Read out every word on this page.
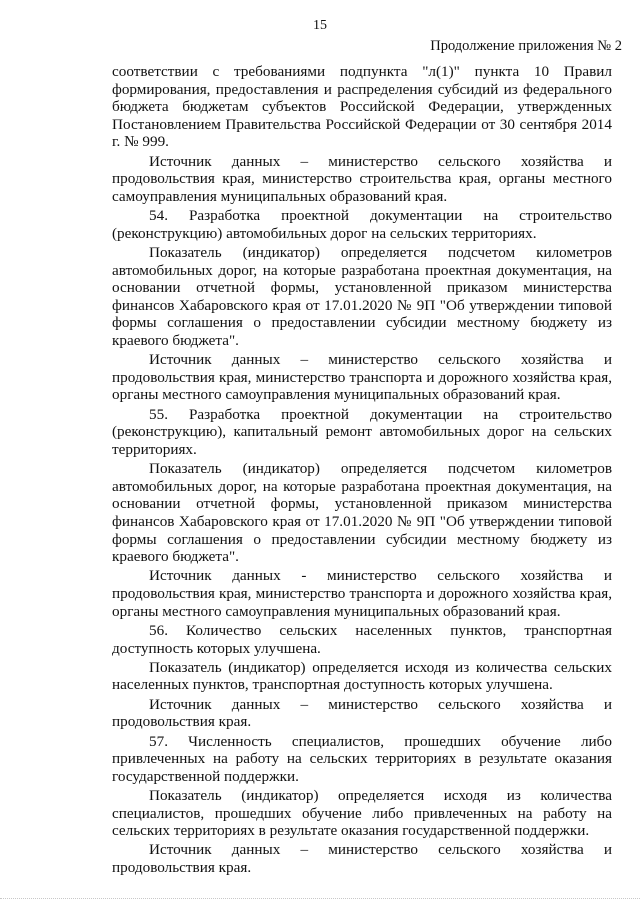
15
Продолжение приложения № 2

соответствии с требованиями подпункта "л(1)" пункта 10 Правил формирования, предоставления и распределения субсидий из федерального бюджета бюджетам субъектов Российской Федерации, утвержденных Постановлением Правительства Российской Федерации от 30 сентября 2014 г. № 999.

Источник данных – министерство сельского хозяйства и продовольствия края, министерство строительства края, органы местного самоуправления муниципальных образований края.

54. Разработка проектной документации на строительство (реконструкцию) автомобильных дорог на сельских территориях.

Показатель (индикатор) определяется подсчетом километров автомобильных дорог, на которые разработана проектная документация, на основании отчетной формы, установленной приказом министерства финансов Хабаровского края от 17.01.2020 № 9П "Об утверждении типовой формы соглашения о предоставлении субсидии местному бюджету из краевого бюджета".

Источник данных – министерство сельского хозяйства и продовольствия края, министерство транспорта и дорожного хозяйства края, органы местного самоуправления муниципальных образований края.

55. Разработка проектной документации на строительство (реконструкцию), капитальный ремонт автомобильных дорог на сельских территориях.

Показатель (индикатор) определяется подсчетом километров автомобильных дорог, на которые разработана проектная документация, на основании отчетной формы, установленной приказом министерства финансов Хабаровского края от 17.01.2020 № 9П "Об утверждении типовой формы соглашения о предоставлении субсидии местному бюджету из краевого бюджета".

Источник данных - министерство сельского хозяйства и продовольствия края, министерство транспорта и дорожного хозяйства края, органы местного самоуправления муниципальных образований края.

56. Количество сельских населенных пунктов, транспортная доступность которых улучшена.

Показатель (индикатор) определяется исходя из количества сельских населенных пунктов, транспортная доступность которых улучшена.

Источник данных – министерство сельского хозяйства и продовольствия края.

57. Численность специалистов, прошедших обучение либо привлеченных на работу на сельских территориях в результате оказания государственной поддержки.

Показатель (индикатор) определяется исходя из количества специалистов, прошедших обучение либо привлеченных на работу на сельских территориях в результате оказания государственной поддержки.

Источник данных – министерство сельского хозяйства и продовольствия края.
